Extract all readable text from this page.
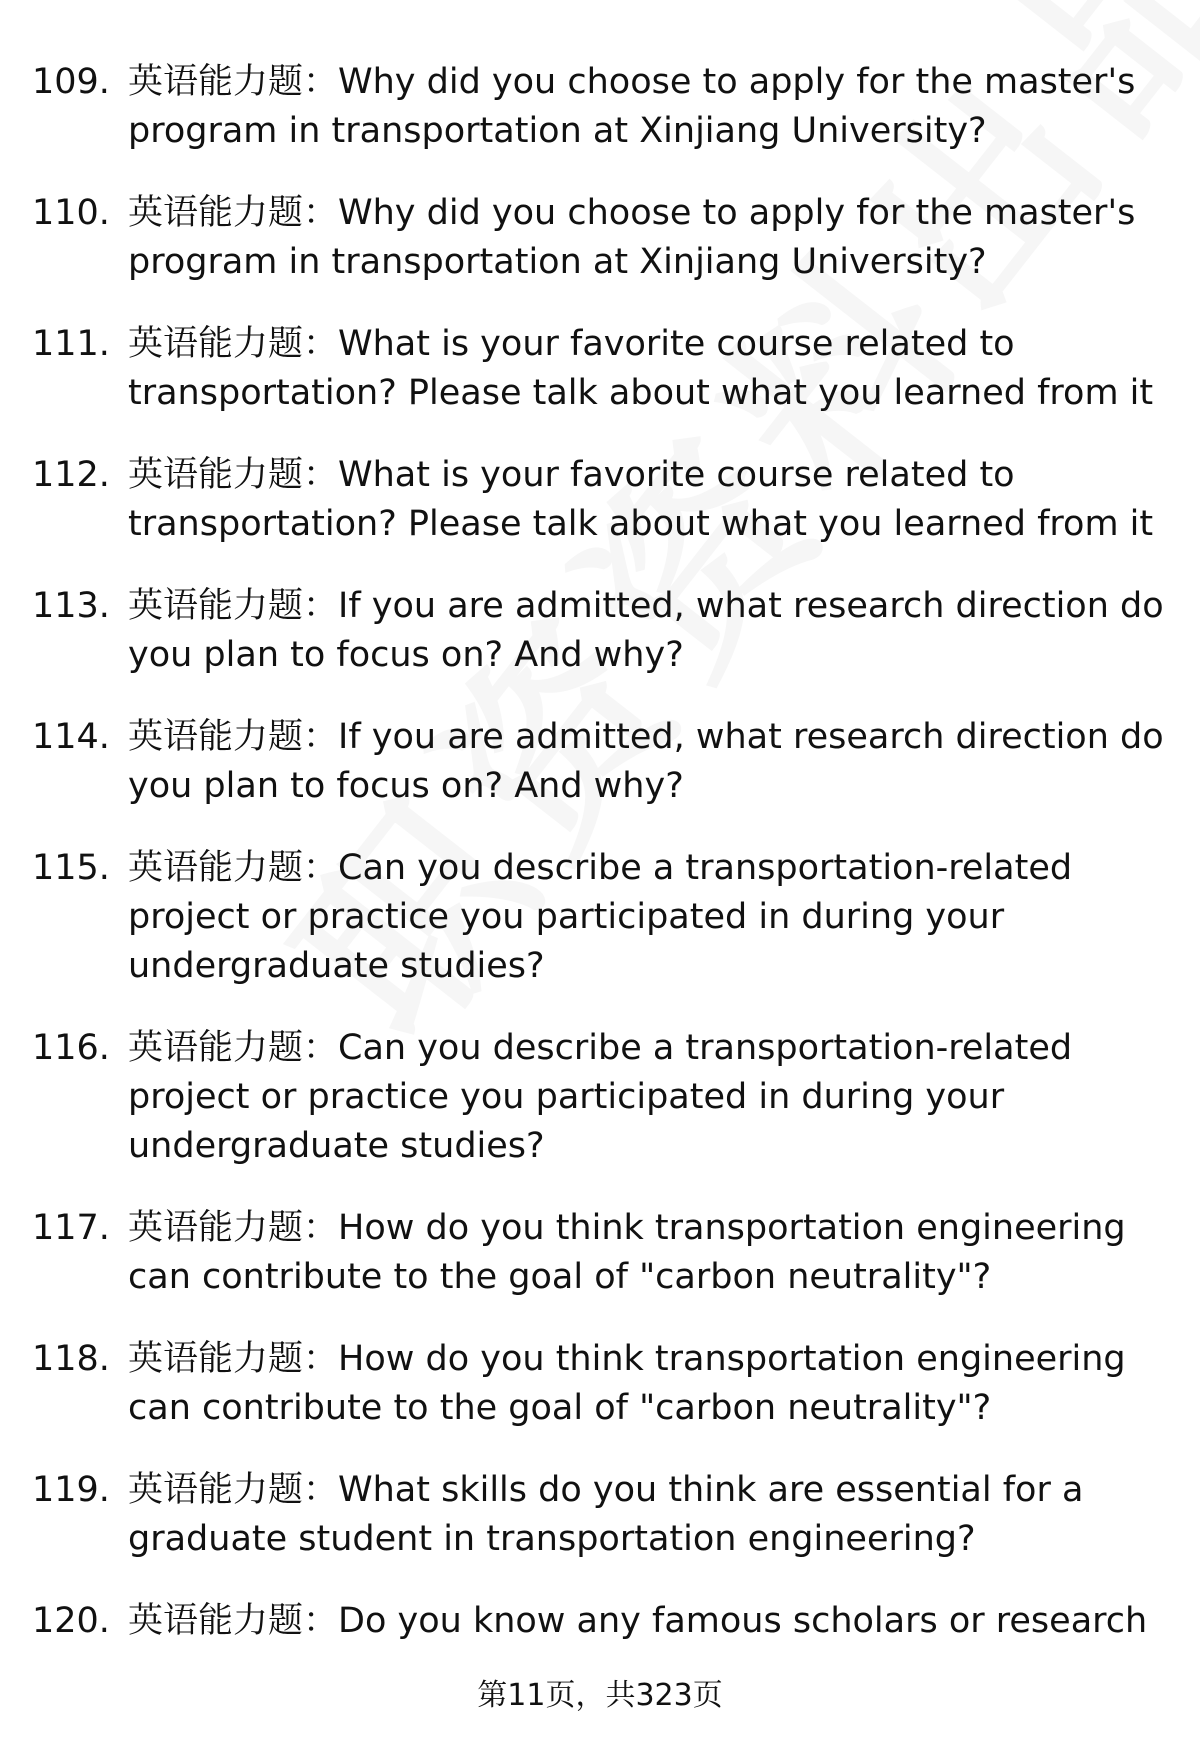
109. 英语能力题：Why did you choose to apply for the master's program in transportation at Xinjiang University?
110. 英语能力题：Why did you choose to apply for the master's program in transportation at Xinjiang University?
111. 英语能力题：What is your favorite course related to transportation? Please talk about what you learned from it
112. 英语能力题：What is your favorite course related to transportation? Please talk about what you learned from it
113. 英语能力题：If you are admitted, what research direction do you plan to focus on? And why?
114. 英语能力题：If you are admitted, what research direction do you plan to focus on? And why?
115. 英语能力题：Can you describe a transportation-related project or practice you participated in during your undergraduate studies?
116. 英语能力题：Can you describe a transportation-related project or practice you participated in during your undergraduate studies?
117. 英语能力题：How do you think transportation engineering can contribute to the goal of "carbon neutrality"?
118. 英语能力题：How do you think transportation engineering can contribute to the goal of "carbon neutrality"?
119. 英语能力题：What skills do you think are essential for a graduate student in transportation engineering?
120. 英语能力题：Do you know any famous scholars or research
第11页，共323页
